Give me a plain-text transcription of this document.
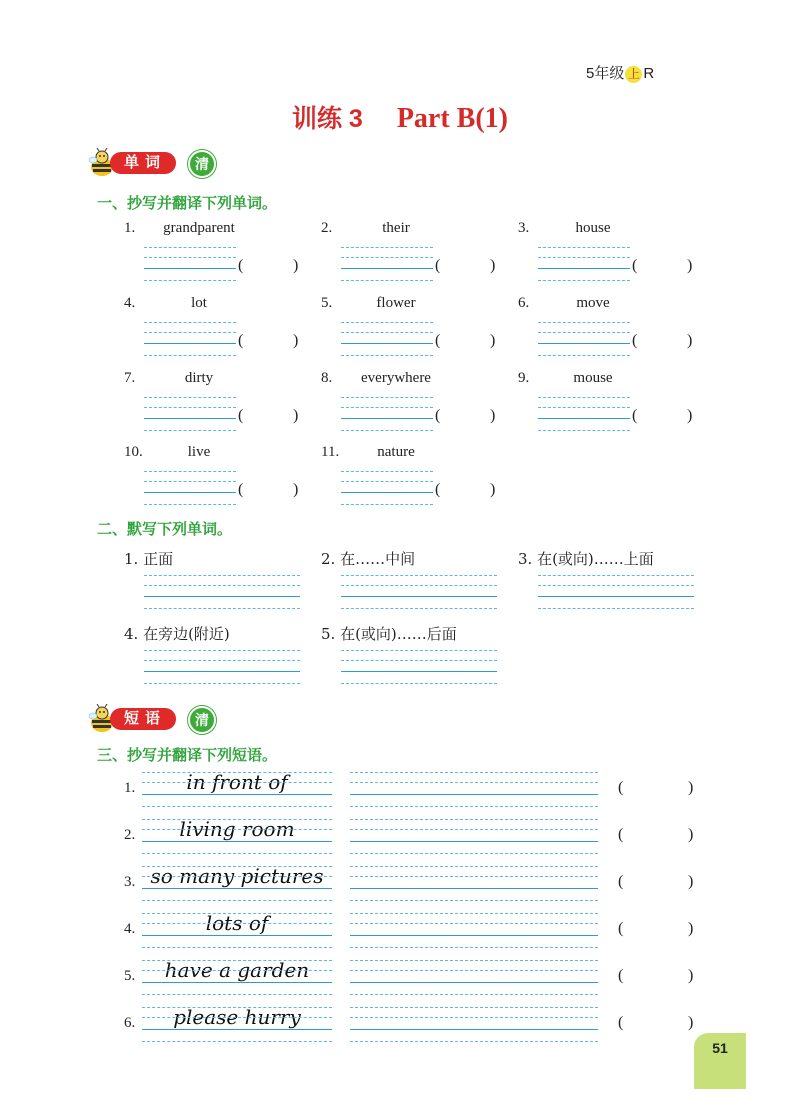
5年级 上 R
训练 3 Part B(1)
单词	清
一、抄写并翻译下列单词。
1.	grandparent
(	)
2.	their
(	)
3.	house
(	)
4.	lot
(	)
5.	flower
(	)
6.	move
(	)
7.	dirty
(	)
8.	everywhere
(	)
9.	mouse
(	)
10.	live
(	)
11.	nature
(	)
二、默写下列单词。
1. 正面	2. 在……中间	3. 在(或向)……上面
4. 在旁边(附近)	5. 在(或向)……后面
短语	清
三、抄写并翻译下列短语。
1.	in front of	(	)
2.	living room	(	)
3. so many pictures	(	)
4.	lots of	(	)
5.	have a garden	(	)
6.	please hurry	(	)
51
